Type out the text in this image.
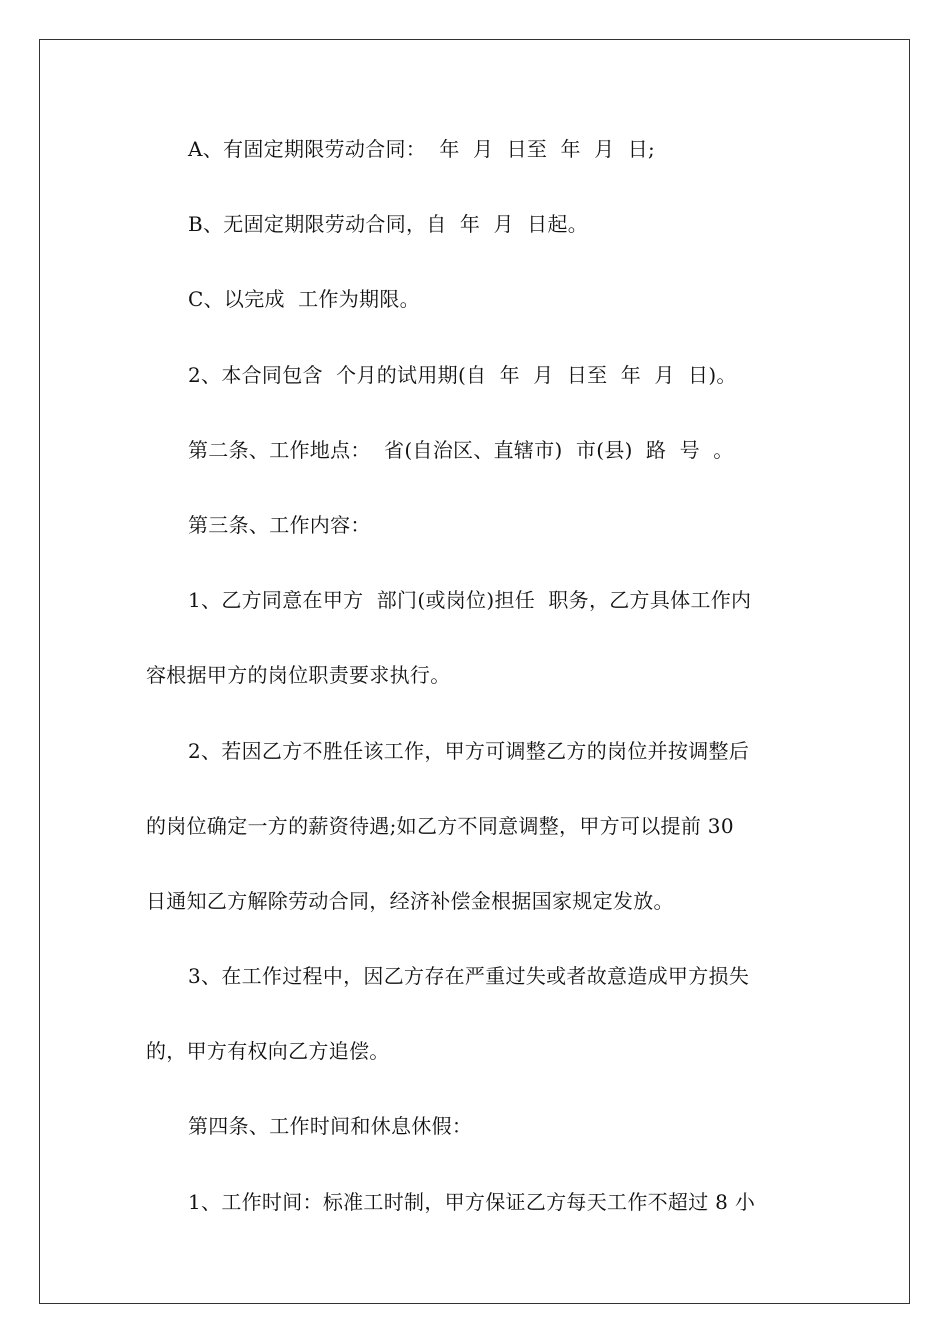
A、有固定期限劳动合同：  年  月  日至  年  月  日;
B、无固定期限劳动合同，自  年  月  日起。
C、以完成  工作为期限。
2、本合同包含  个月的试用期(自  年  月  日至  年  月  日)。
第二条、工作地点：  省(自治区、直辖市)  市(县)  路  号  。
第三条、工作内容：
1、乙方同意在甲方  部门(或岗位)担任  职务，乙方具体工作内
容根据甲方的岗位职责要求执行。
2、若因乙方不胜任该工作，甲方可调整乙方的岗位并按调整后
的岗位确定一方的薪资待遇;如乙方不同意调整，甲方可以提前 30
日通知乙方解除劳动合同，经济补偿金根据国家规定发放。
3、在工作过程中，因乙方存在严重过失或者故意造成甲方损失
的，甲方有权向乙方追偿。
第四条、工作时间和休息休假：
1、工作时间：标准工时制，甲方保证乙方每天工作不超过 8 小
